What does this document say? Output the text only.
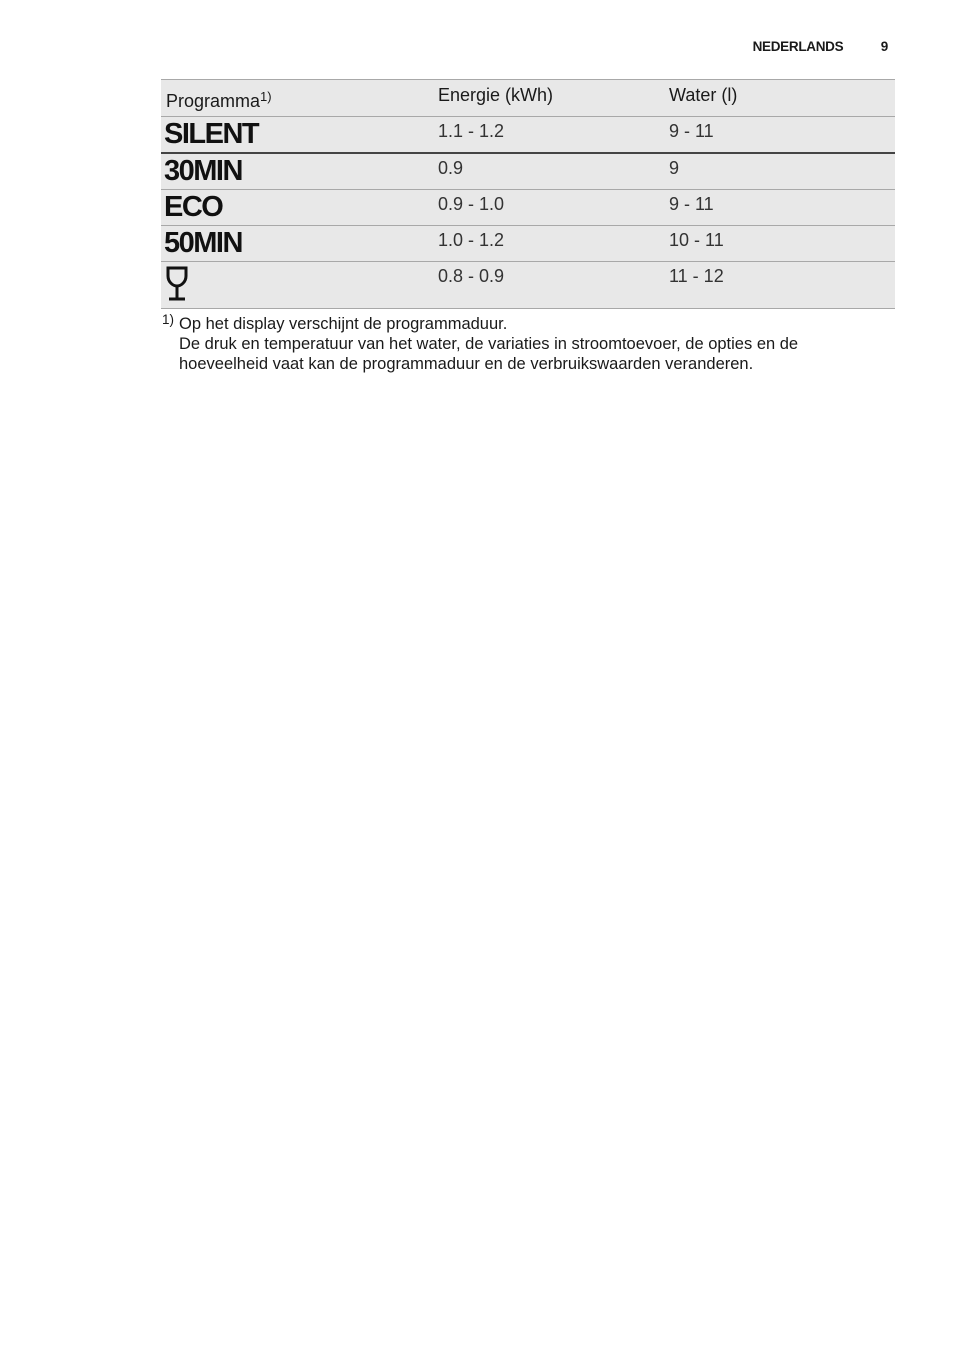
NEDERLANDS	9
Programma$^{1)}$	Energie (kWh)	Water (l)

SILENT	1.1 - 1.2	9 - 11

30MIN	0.9	9

ECO	0.9 - 1.0	9 - 11

50MIN	1.0 - 1.2	10 - 11

	0.8 - 0.9	11 - 12
1) Op het display verschijnt de programmaduur.
De druk en temperatuur van het water, de variaties in stroomtoevoer, de opties en de
hoeveelheid vaat kan de programmaduur en de verbruikswaarden veranderen.
